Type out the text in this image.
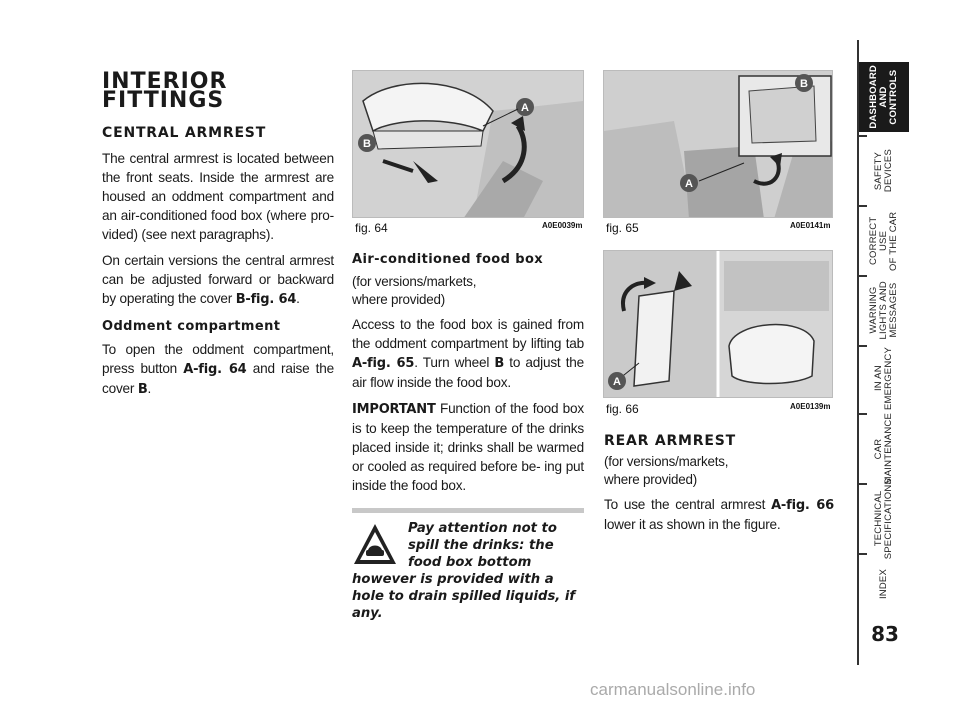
INTERIOR FITTINGS
CENTRAL ARMREST

The central armrest is located between the front seats. Inside the armrest are housed an oddment compartment and an air-conditioned food box (where pro- vided) (see next paragraphs).

On certain versions the central armrest can be adjusted forward or backward by operating the cover B-fig. 64.

Oddment compartment

To open the oddment compartment, press button A-fig. 64 and raise the cover B.

A
B
fig. 64	A0E0039m
Air-conditioned food box
(for versions/markets,
where provided)

Access to the food box is gained from the oddment compartment by lifting tab A-fig. 65. Turn wheel B to adjust the air flow inside the food box.

IMPORTANT Function of the food box is to keep the temperature of the drinks placed inside it; drinks shall be warmed or cooled as required before be- ing put inside the food box.

Pay attention not to spill the drinks: the food box bottom however is provided with a hole to drain spilled liquids, if any.
A
B
fig. 65	A0E0141m
A
fig. 66	A0E0139m
REAR ARMREST
(for versions/markets,
where provided)

To use the central armrest A-fig. 66 lower it as shown in the figure.

DASHBOARD
AND
CONTROLS
SAFETY
DEVICES
CORRECT USE
OF THE CAR
WARNING
LIGHTS AND
MESSAGES
IN AN
EMERGENCY
CAR
MAINTENANCE
TECHNICAL
SPECIFICATIONS
INDEX
83
carmanualsonline.info
